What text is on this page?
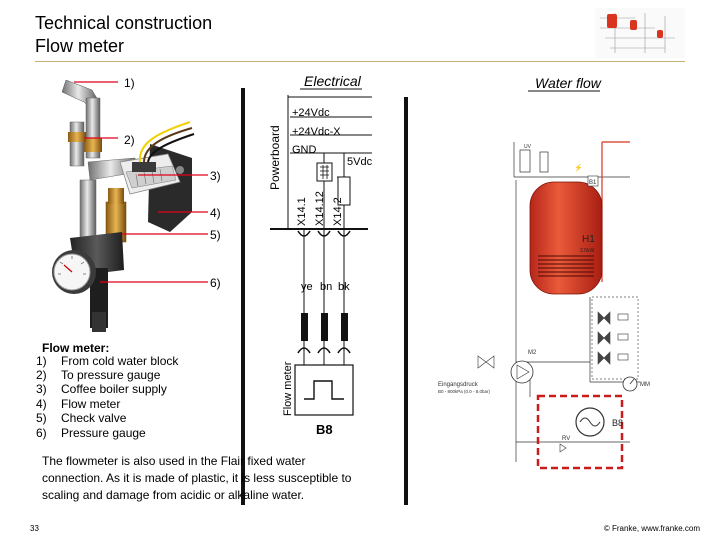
Technical construction
Flow meter
Electrical	Water flow
1)
2)
3)
4)
5)
6)
Flow meter:
1) From cold water block
2) To pressure gauge
3) Coffee boiler supply
4) Flow meter
5) Check valve
6) Pressure gauge
The flowmeter is also used in the Flair fixed water connection. As it is made of plastic, it is less susceptible to scaling and damage from acidic or alkaline water.
+24Vdc
+24Vdc-X
GND
5Vdc
Powerboard
X14.1 X14.12 X14.2
ye bn bk
Flow meter
B8
UV
⚡
B1
H1
2.5kW
M2
Eingangsdruck
B0 - 800kPa (0.0 - 8.0bar)
MM
B8
RV
33	© Franke, www.franke.com
